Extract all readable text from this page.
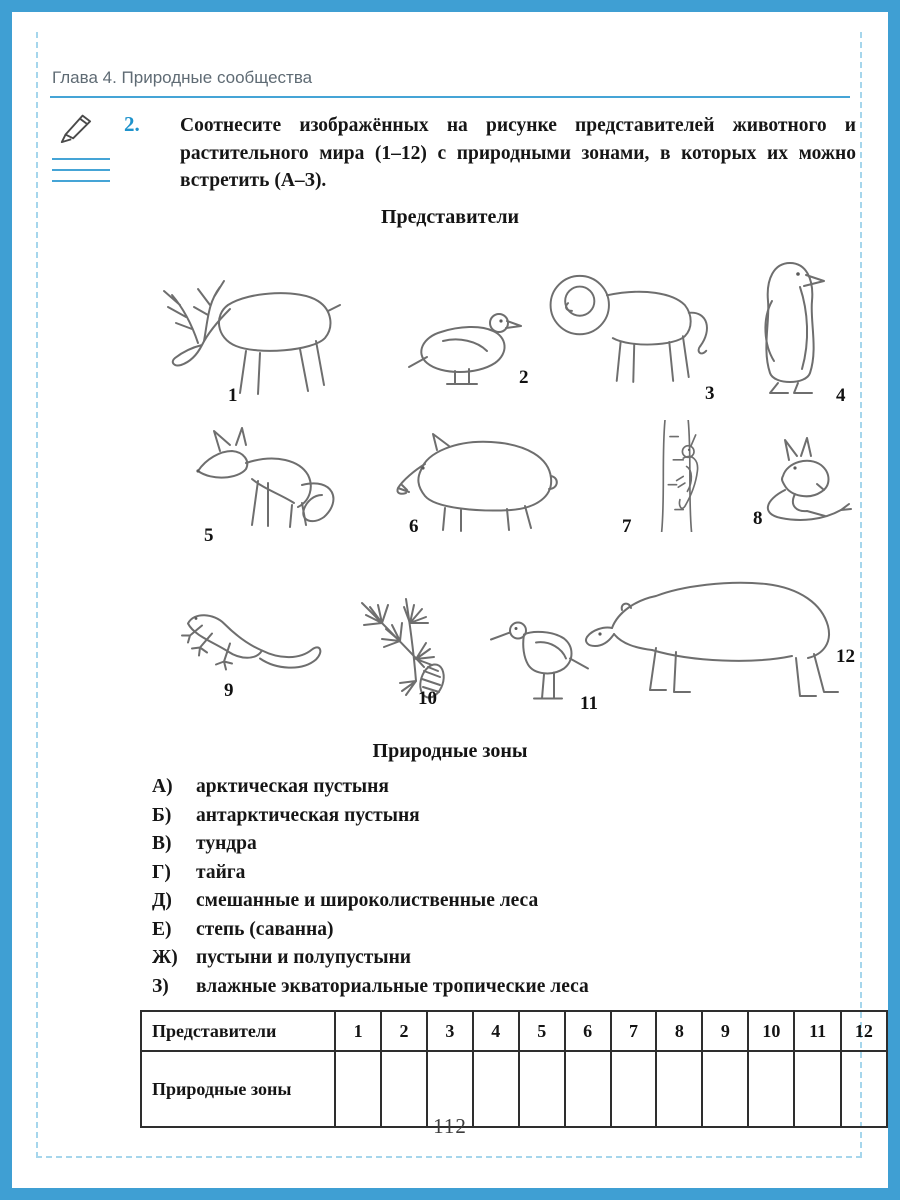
Глава 4. Природные сообщества
2. Соотнесите изображённых на рисунке представителей животного и растительного мира (1–12) с природными зонами, в которых их можно встретить (А–З).
Представители
1
2
3	4
5	6	7	8
9	10	11
12
Природные зоны
А)	арктическая пустыня
Б)	антарктическая пустыня
В)	тундра
Г)	тайга
Д)	смешанные и широколиственные леса
Е)	степь (саванна)
Ж) пустыни и полупустыни
З)	влажные экваториальные тропические леса
Представители	1	2	3	4	5	6	7	8	9	10	11	12
Природные зоны												
112
